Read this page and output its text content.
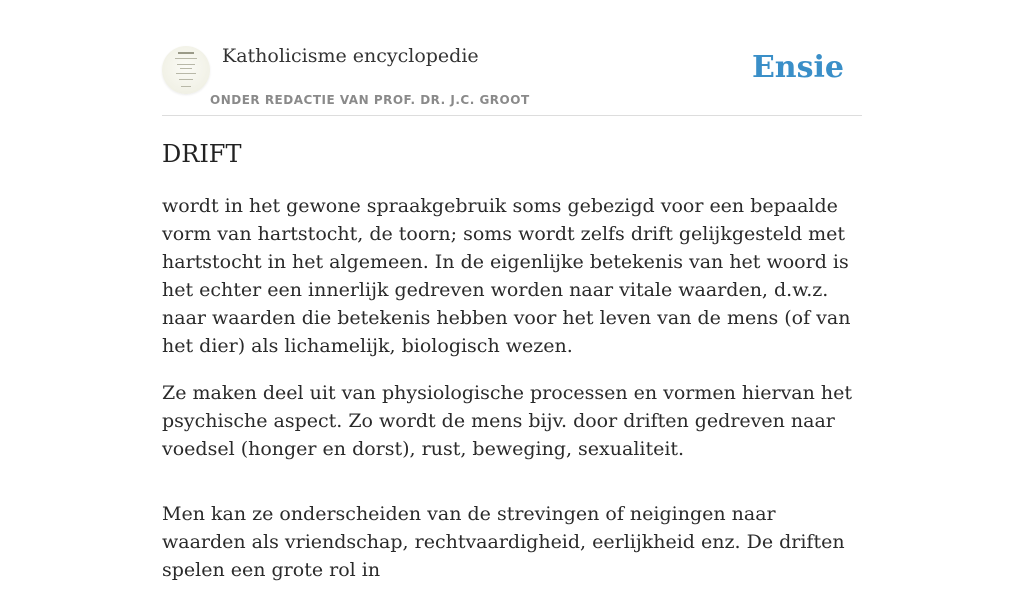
Katholicisme encyclopedie
ONDER REDACTIE VAN PROF. DR. J.C. GROOT
Ensie
DRIFT

wordt in het gewone spraakgebruik soms gebezigd voor een bepaalde vorm van hartstocht, de toorn; soms wordt zelfs drift gelijkgesteld met hartstocht in het algemeen. In de eigenlijke betekenis van het woord is het echter een innerlijk gedreven worden naar vitale waarden, d.w.z. naar waarden die betekenis hebben voor het leven van de mens (of van het dier) als lichamelijk, biologisch wezen.

Ze maken deel uit van physiologische processen en vormen hiervan het psychische aspect. Zo wordt de mens bijv. door driften gedreven naar voedsel (honger en dorst), rust, beweging, sexualiteit.

Men kan ze onderscheiden van de strevingen of neigingen naar waarden als vriendschap, rechtvaardigheid, eerlijkheid enz. De driften spelen een grote rol in
